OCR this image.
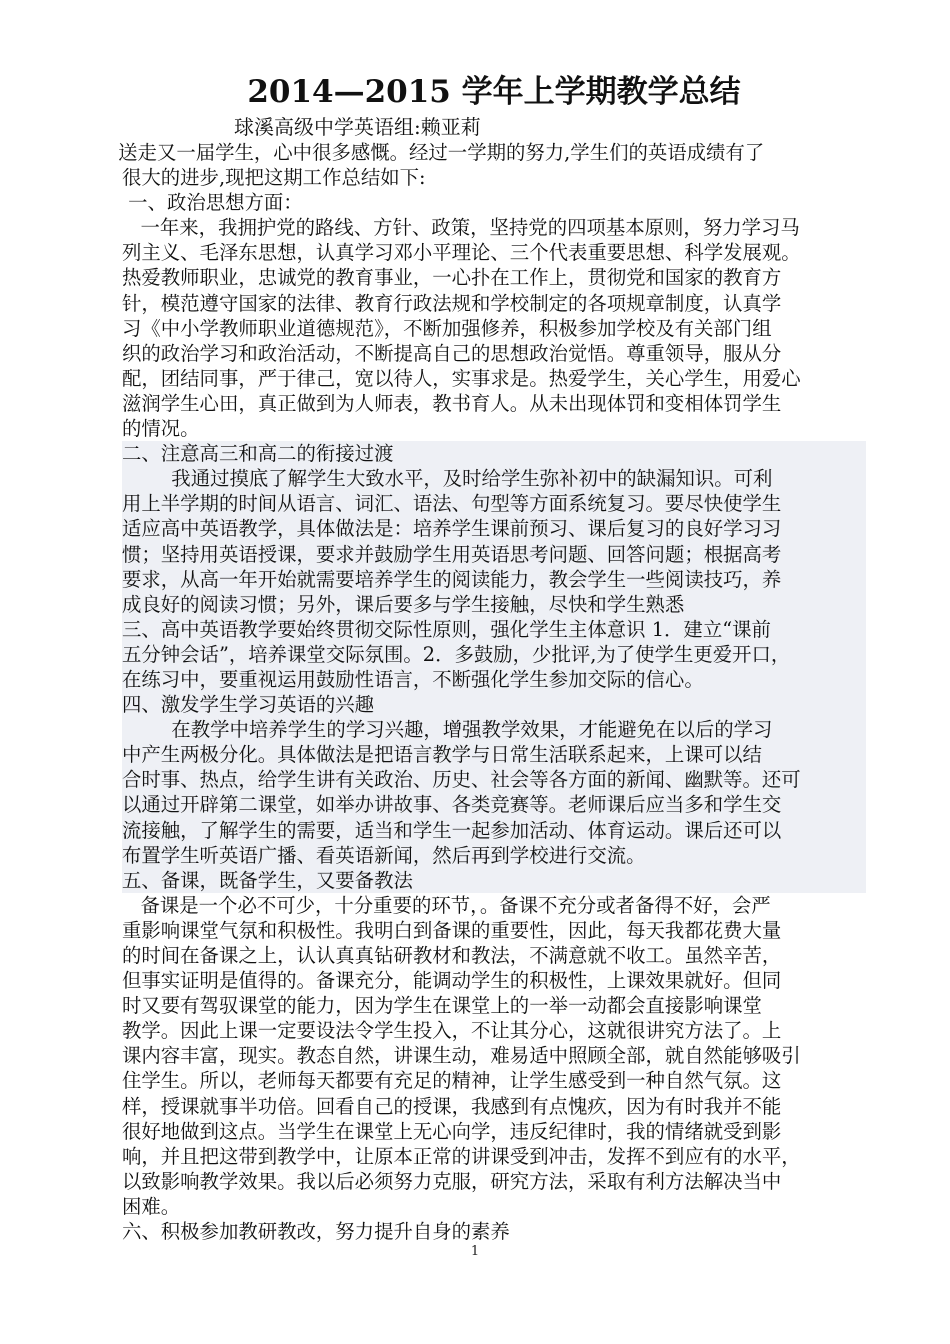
2014—2015 学年上学期教学总结

球溪高级中学英语组:赖亚莉

送走又一届学生，心中很多感慨。经过一学期的努力,学生们的英语成绩有了

很大的进步,现把这期工作总结如下:

一、政治思想方面：

一年来，我拥护党的路线、方针、政策，坚持党的四项基本原则，努力学习马

列主义、毛泽东思想，认真学习邓小平理论、三个代表重要思想、科学发展观。

热爱教师职业，忠诚党的教育事业，一心扑在工作上，贯彻党和国家的教育方

针，模范遵守国家的法律、教育行政法规和学校制定的各项规章制度，认真学

习《中小学教师职业道德规范》，不断加强修养，积极参加学校及有关部门组

织的政治学习和政治活动，不断提高自己的思想政治觉悟。尊重领导，服从分

配，团结同事，严于律己，宽以待人，实事求是。热爱学生，关心学生，用爱心

滋润学生心田，真正做到为人师表，教书育人。从未出现体罚和变相体罚学生

的情况。

二、注意高三和高二的衔接过渡

我通过摸底了解学生大致水平，及时给学生弥补初中的缺漏知识。可利

用上半学期的时间从语言、词汇、语法、句型等方面系统复习。要尽快使学生

适应高中英语教学，具体做法是：培养学生课前预习、课后复习的良好学习习

惯；坚持用英语授课，要求并鼓励学生用英语思考问题、回答问题；根据高考

要求，从高一年开始就需要培养学生的阅读能力，教会学生一些阅读技巧，养

成良好的阅读习惯；另外，课后要多与学生接触，尽快和学生熟悉

三、高中英语教学要始终贯彻交际性原则，强化学生主体意识 1．建立“课前

五分钟会话”，培养课堂交际氛围。2．多鼓励，少批评,为了使学生更爱开口，

在练习中，要重视运用鼓励性语言，不断强化学生参加交际的信心。

四、激发学生学习英语的兴趣

在教学中培养学生的学习兴趣，增强教学效果，才能避免在以后的学习

中产生两极分化。具体做法是把语言教学与日常生活联系起来，上课可以结

合时事、热点，给学生讲有关政治、历史、社会等各方面的新闻、幽默等。还可

以通过开辟第二课堂，如举办讲故事、各类竞赛等。老师课后应当多和学生交

流接触，了解学生的需要，适当和学生一起参加活动、体育运动。课后还可以

布置学生听英语广播、看英语新闻，然后再到学校进行交流。

五、备课，既备学生，又要备教法

备课是一个必不可少，十分重要的环节，。备课不充分或者备得不好，会严

重影响课堂气氛和积极性。我明白到备课的重要性，因此，每天我都花费大量

的时间在备课之上，认认真真钻研教材和教法，不满意就不收工。虽然辛苦，

但事实证明是值得的。备课充分，能调动学生的积极性，上课效果就好。但同

时又要有驾驭课堂的能力，因为学生在课堂上的一举一动都会直接影响课堂

教学。因此上课一定要设法令学生投入，不让其分心，这就很讲究方法了。上

课内容丰富，现实。教态自然，讲课生动，难易适中照顾全部，就自然能够吸引

住学生。所以，老师每天都要有充足的精神，让学生感受到一种自然气氛。这

样，授课就事半功倍。回看自己的授课，我感到有点愧疚，因为有时我并不能

很好地做到这点。当学生在课堂上无心向学，违反纪律时，我的情绪就受到影

响，并且把这带到教学中，让原本正常的讲课受到冲击，发挥不到应有的水平，

以致影响教学效果。我以后必须努力克服，研究方法，采取有利方法解决当中

困难。

六、积极参加教研教改，努力提升自身的素养

1
